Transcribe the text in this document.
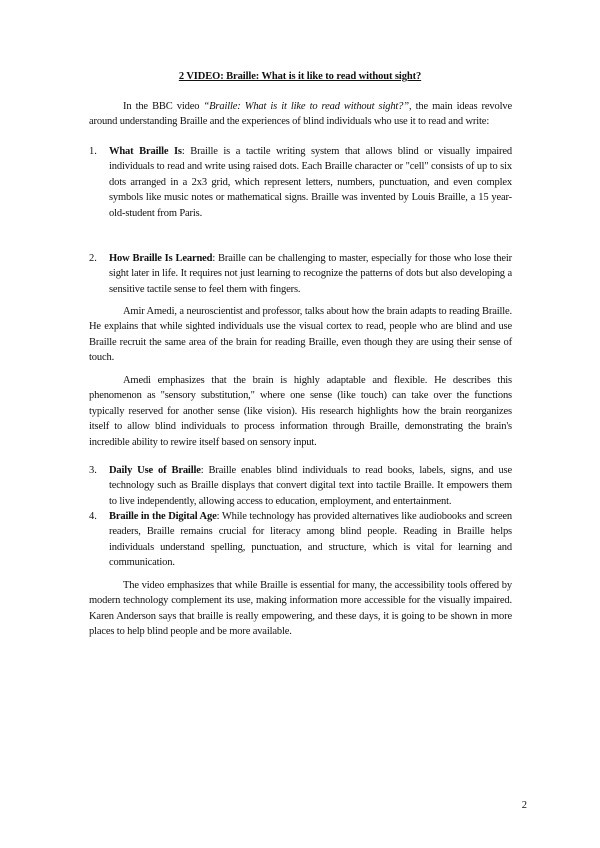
2 VIDEO: Braille: What is it like to read without sight?
In the BBC video “Braille: What is it like to read without sight?”, the main ideas revolve around understanding Braille and the experiences of blind individuals who use it to read and write:
1. What Braille Is: Braille is a tactile writing system that allows blind or visually impaired individuals to read and write using raised dots. Each Braille character or "cell" consists of up to six dots arranged in a 2x3 grid, which represent letters, numbers, punctuation, and even complex symbols like music notes or mathematical signs. Braille was invented by Louis Braille, a 15 year-old-student from Paris.
2. How Braille Is Learned: Braille can be challenging to master, especially for those who lose their sight later in life. It requires not just learning to recognize the patterns of dots but also developing a sensitive tactile sense to feel them with fingers.
Amir Amedi, a neuroscientist and professor, talks about how the brain adapts to reading Braille. He explains that while sighted individuals use the visual cortex to read, people who are blind and use Braille recruit the same area of the brain for reading Braille, even though they are using their sense of touch.
Amedi emphasizes that the brain is highly adaptable and flexible. He describes this phenomenon as "sensory substitution," where one sense (like touch) can take over the functions typically reserved for another sense (like vision). His research highlights how the brain reorganizes itself to allow blind individuals to process information through Braille, demonstrating the brain's incredible ability to rewire itself based on sensory input.
3. Daily Use of Braille: Braille enables blind individuals to read books, labels, signs, and use technology such as Braille displays that convert digital text into tactile Braille. It empowers them to live independently, allowing access to education, employment, and entertainment.
4. Braille in the Digital Age: While technology has provided alternatives like audiobooks and screen readers, Braille remains crucial for literacy among blind people. Reading in Braille helps individuals understand spelling, punctuation, and structure, which is vital for learning and communication.
The video emphasizes that while Braille is essential for many, the accessibility tools offered by modern technology complement its use, making information more accessible for the visually impaired. Karen Anderson says that braille is really empowering, and these days, it is going to be shown in more places to help blind people and be more available.
2
